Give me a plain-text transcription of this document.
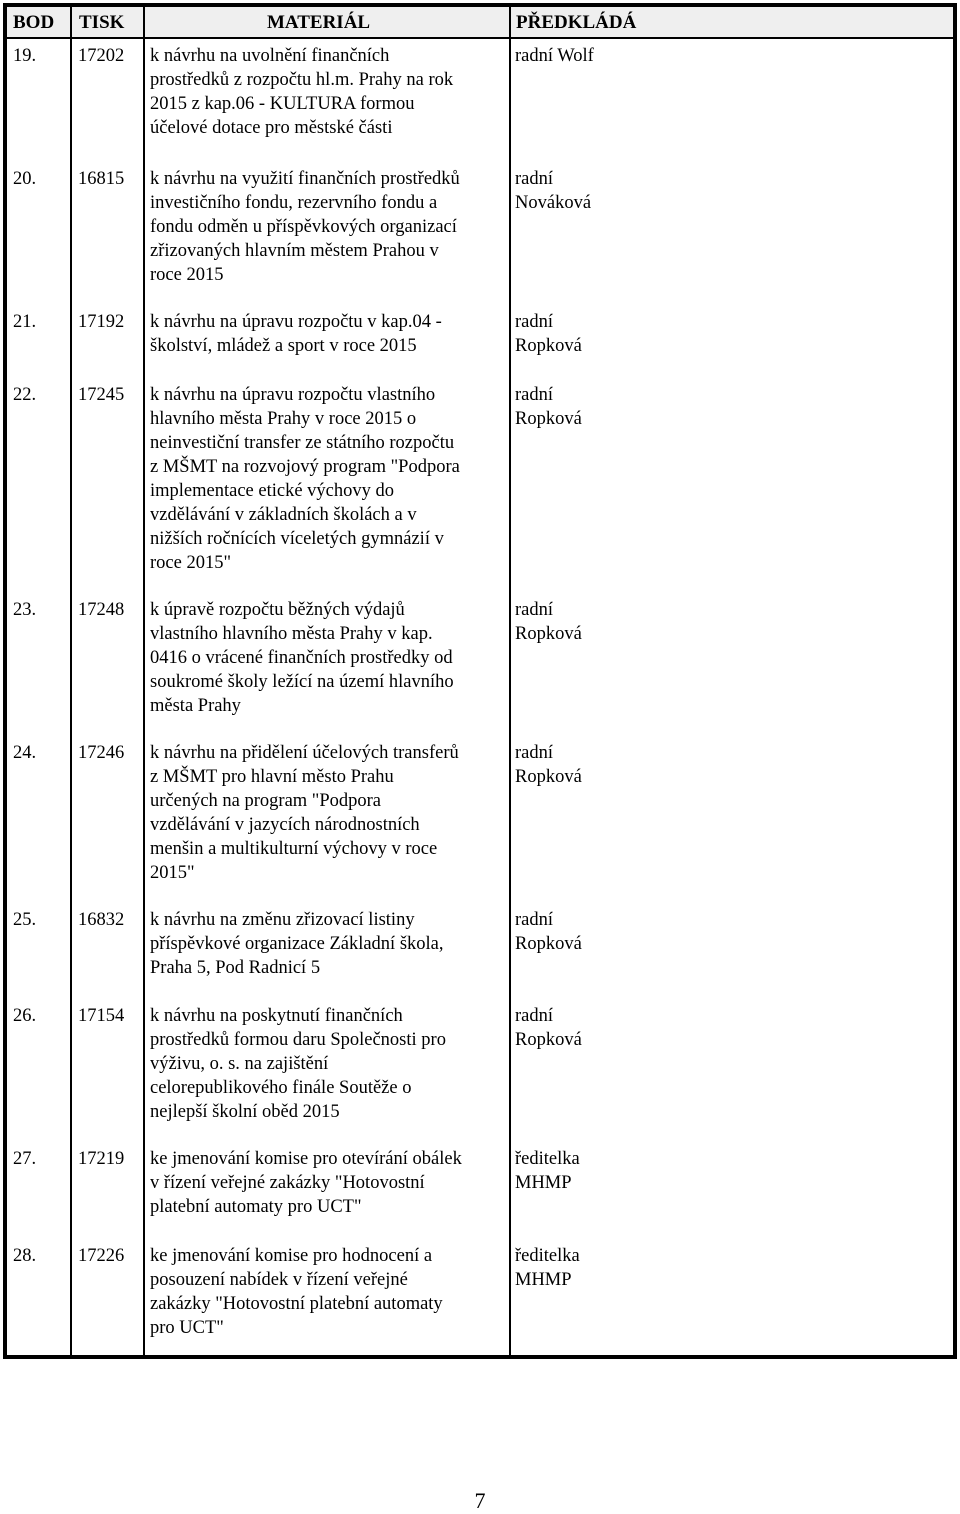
BOD TISK	MATERIÁL	PŘEDKLÁDÁ
19. 17202 k návrhu na uvolnění finančních
prostředků z rozpočtu hl.m. Prahy na rok
2015 z kap.06 - KULTURA formou
účelové dotace pro městské části
radní Wolf
20. 16815 k návrhu na využití finančních prostředků
investičního fondu, rezervního fondu a
fondu odměn u příspěvkových organizací
zřizovaných hlavním městem Prahou v
roce 2015
radní
Nováková
21. 17192 k návrhu na úpravu rozpočtu v kap.04 -
školství, mládež a sport v roce 2015
radní
Ropková
22. 17245 k návrhu na úpravu rozpočtu vlastního
hlavního města Prahy v roce 2015 o
neinvestiční transfer ze státního rozpočtu
z MŠMT na rozvojový program "Podpora
implementace etické výchovy do
vzdělávání v základních školách a v
nižších ročnících víceletých gymnázií v
roce 2015"
radní
Ropková
23. 17248 k úpravě rozpočtu běžných výdajů
vlastního hlavního města Prahy v kap.
0416 o vrácené finančních prostředky od
soukromé školy ležící na území hlavního
města Prahy
radní
Ropková
24. 17246 k návrhu na přidělení účelových transferů
z MŠMT pro hlavní město Prahu
určených na program "Podpora
vzdělávání v jazycích národnostních
menšin a multikulturní výchovy v roce
2015"
radní
Ropková
25. 16832 k návrhu na změnu zřizovací listiny
příspěvkové organizace Základní škola,
Praha 5, Pod Radnicí 5
radní
Ropková
26. 17154 k návrhu na poskytnutí finančních
prostředků formou daru Společnosti pro
výživu, o. s. na zajištění
celorepublikového finále Soutěže o
nejlepší školní oběd 2015
radní
Ropková
27. 17219 ke jmenování komise pro otevírání obálek
v řízení veřejné zakázky "Hotovostní
platební automaty pro UCT"
ředitelka
MHMP
28. 17226 ke jmenování komise pro hodnocení a
posouzení nabídek v řízení veřejné
zakázky "Hotovostní platební automaty
pro UCT"
ředitelka
MHMP
7
